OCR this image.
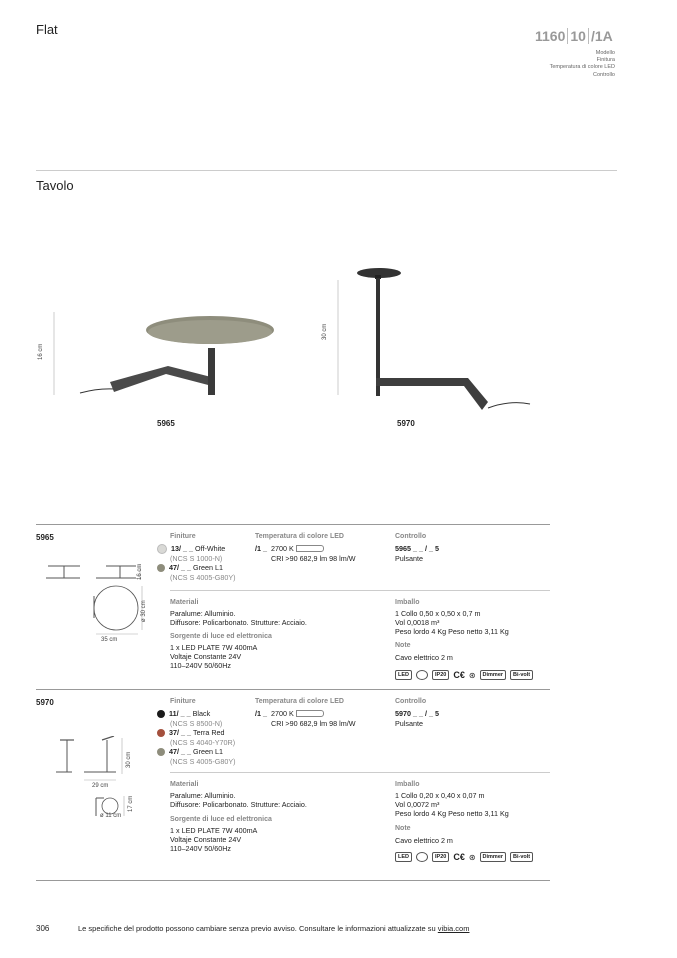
Flat	1160 10 /1A
Modello
Finitura
Temperatura di colore LED
Controllo
Tavolo
16 cm
30 cm
5965	5970
5965
16 cm
ø 30 cm
35 cm
Finiture
13/ _ _
Off-White
(NCS S 1000-N)
47/ _ _
Green L1
(NCS S 4005-G80Y)
Temperatura di colore LED
/1 _
2700 K

CRI >90 682,9 lm 98 lm/W
Controllo
5965 _ _ / _ 5
Pulsante
Materiali
Paralume: Alluminio.
Diffusore: Policarbonato. Strutture: Acciaio.
Sorgente di luce ed elettronica
1 x LED PLATE 7W 400mA
Voltaje Constante 24V
110–240V 50/60Hz
Imballo
1 Collo 0,50 x 0,50 x 0,7 m
Vol 0,0018 m³
Peso lordo 4 Kg Peso netto 3,11 Kg
Note
Cavo elettrico 2 m
LED	IP20 C€ ⊛	Dimmer	Bi-volt
5970
30 cm
29 cm
17 cm
ø 11 cm
Finiture
11/ _ _
Black
(NCS S 8500-N)
37/ _ _
Terra Red
(NCS S 4040-Y70R)
47/ _ _
Green L1
(NCS S 4005-G80Y)
Temperatura di colore LED
/1 _
2700 K

CRI >90 682,9 lm 98 lm/W
Controllo
5970 _ _ / _ 5
Pulsante
Materiali
Paralume: Alluminio.
Diffusore: Policarbonato. Strutture: Acciaio.
Sorgente di luce ed elettronica
1 x LED PLATE 7W 400mA
Voltaje Constante 24V
110–240V 50/60Hz
Imballo
1 Collo 0,20 x 0,40 x 0,07 m
Vol 0,0072 m³
Peso lordo 4 Kg Peso netto 3,11 Kg
Note
Cavo elettrico 2 m
LED	IP20 C€ ⊛	Dimmer	Bi-volt
306	Le specifiche del prodotto possono cambiare senza previo avviso. Consultare le informazioni attualizzate su vibia.com
